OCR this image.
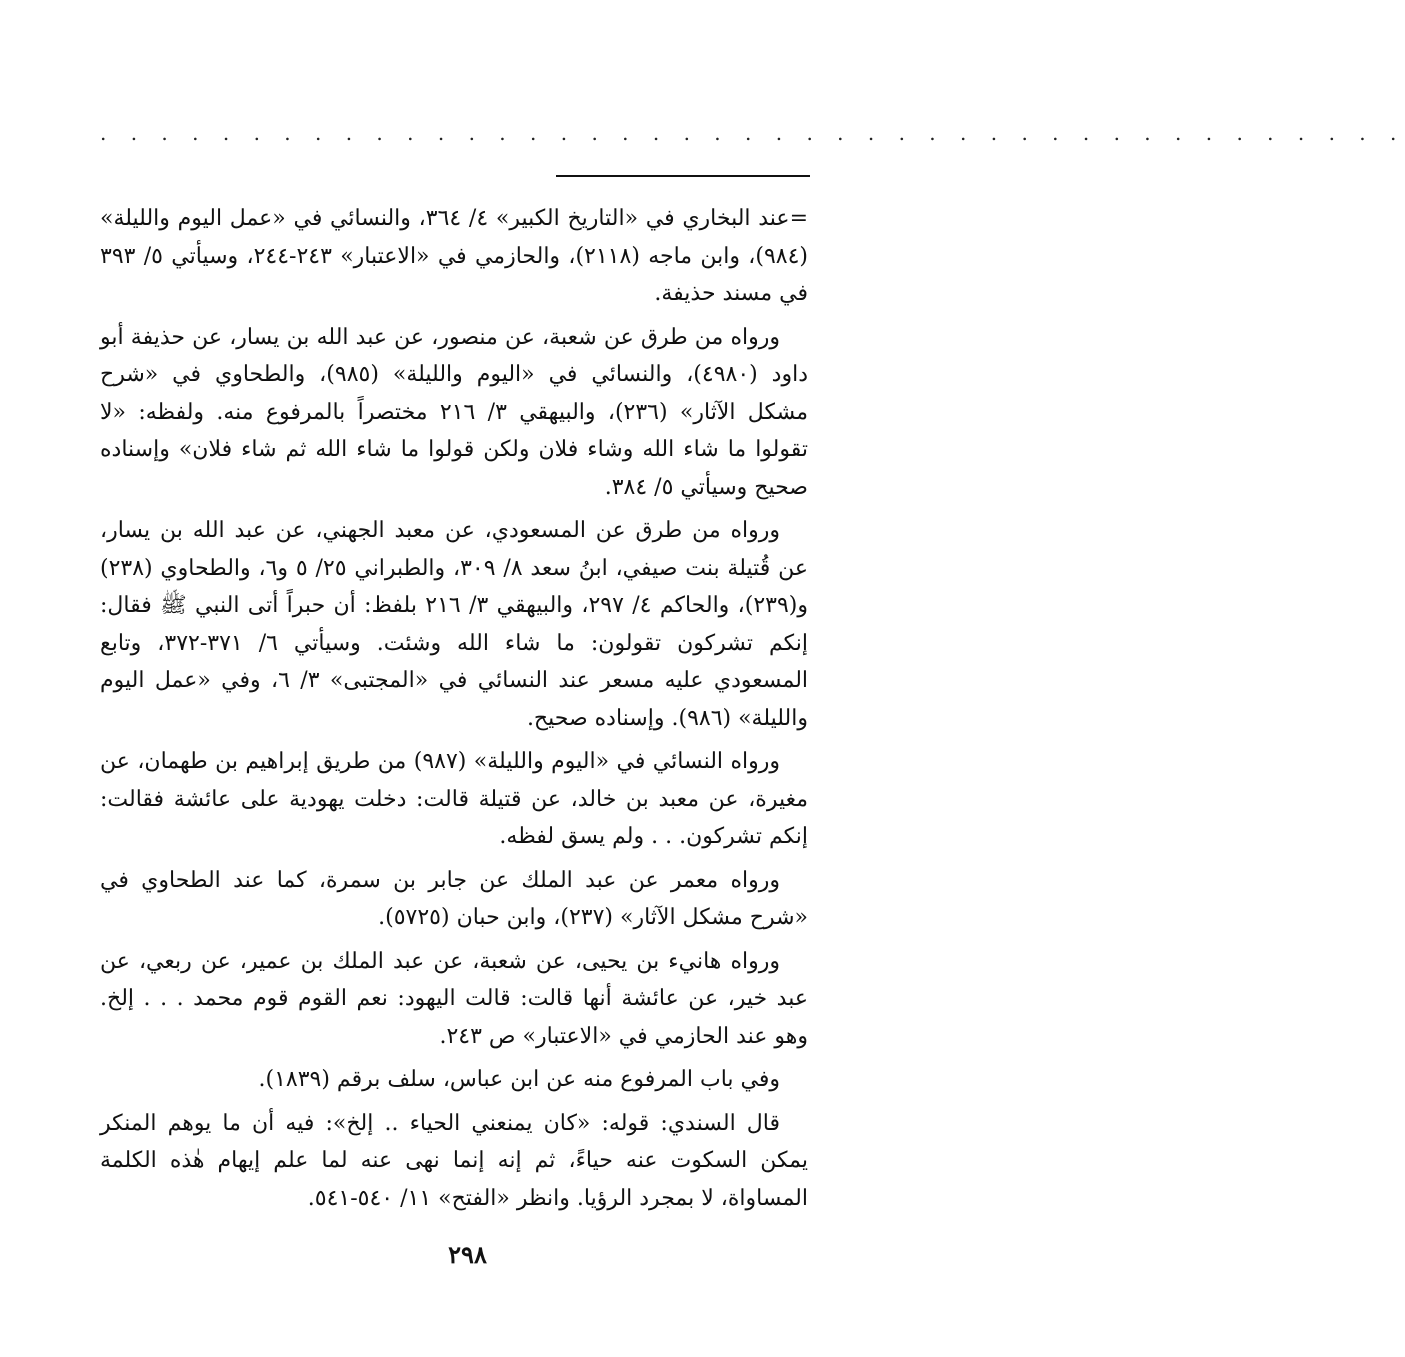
. . . . . . . . . . . . . . . . . . . . . . . . . . . . . . . . . . . . . . . . . . .

=عند البخاري في «التاريخ الكبير» ٤/ ٣٦٤، والنسائي في «عمل اليوم والليلة» (٩٨٤)، وابن ماجه (٢١١٨)، والحازمي في «الاعتبار» ٢٤٣-٢٤٤، وسيأتي ٥/ ٣٩٣ في مسند حذيفة.

ورواه من طرق عن شعبة، عن منصور، عن عبد الله بن يسار، عن حذيفة أبو داود (٤٩٨٠)، والنسائي في «اليوم والليلة» (٩٨٥)، والطحاوي في «شرح مشكل الآثار» (٢٣٦)، والبيهقي ٣/ ٢١٦ مختصراً بالمرفوع منه. ولفظه: «لا تقولوا ما شاء الله وشاء فلان ولكن قولوا ما شاء الله ثم شاء فلان» وإسناده صحيح وسيأتي ٥/ ٣٨٤.

ورواه من طرق عن المسعودي، عن معبد الجهني، عن عبد الله بن يسار، عن قُتيلة بنت صيفي، ابنُ سعد ٨/ ٣٠٩، والطبراني ٢٥/ ٥ و٦، والطحاوي (٢٣٨) و(٢٣٩)، والحاكم ٤/ ٢٩٧، والبيهقي ٣/ ٢١٦ بلفظ: أن حبراً أتى النبي ﷺ فقال: إنكم تشركون تقولون: ما شاء الله وشئت. وسيأتي ٦/ ٣٧١-٣٧٢، وتابع المسعودي عليه مسعر عند النسائي في «المجتبى» ٣/ ٦، وفي «عمل اليوم والليلة» (٩٨٦). وإسناده صحيح.

ورواه النسائي في «اليوم والليلة» (٩٨٧) من طريق إبراهيم بن طهمان، عن مغيرة، عن معبد بن خالد، عن قتيلة قالت: دخلت يهودية على عائشة فقالت: إنكم تشركون. . . ولم يسق لفظه.

ورواه معمر عن عبد الملك عن جابر بن سمرة، كما عند الطحاوي في «شرح مشكل الآثار» (٢٣٧)، وابن حبان (٥٧٢٥).

ورواه هانيء بن يحيى، عن شعبة، عن عبد الملك بن عمير، عن ربعي، عن عبد خير، عن عائشة أنها قالت: قالت اليهود: نعم القوم قوم محمد . . . إلخ. وهو عند الحازمي في «الاعتبار» ص ٢٤٣.

وفي باب المرفوع منه عن ابن عباس، سلف برقم (١٨٣٩).

قال السندي: قوله: «كان يمنعني الحياء .. إلخ»: فيه أن ما يوهم المنكر يمكن السكوت عنه حياءً، ثم إنه إنما نهى عنه لما علم إيهام هٰذه الكلمة المساواة، لا بمجرد الرؤيا. وانظر «الفتح» ١١/ ٥٤٠-٥٤١.

٢٩٨
